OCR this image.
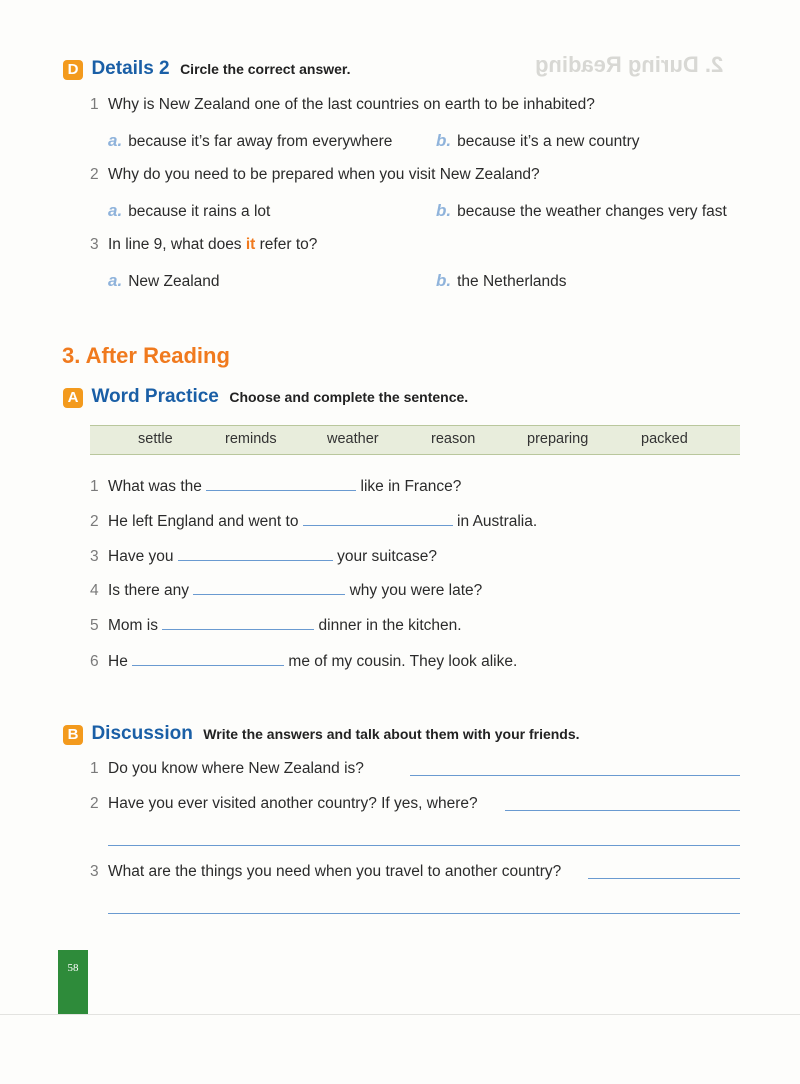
2. During Reading
D Details 2 Circle the correct answer.
1 Why is New Zealand one of the last countries on earth to be inhabited?
a. because it’s far away from everywhere	b. because it’s a new country
2 Why do you need to be prepared when you visit New Zealand?
a. because it rains a lot	b. because the weather changes very fast
3 In line 9, what does it refer to?
a. New Zealand	b. the Netherlands
3. After Reading
A Word Practice Choose and complete the sentence.
settle	reminds	weather	reason	preparing	packed
1 What was the	like in France?
2 He left England and went to	in Australia.
3 Have you	your suitcase?
4 Is there any	why you were late?
5 Mom is	dinner in the kitchen.
6 He	me of my cousin. They look alike.
B Discussion Write the answers and talk about them with your friends.
1 Do you know where New Zealand is?
2 Have you ever visited another country? If yes, where?
3 What are the things you need when you travel to another country?
58
